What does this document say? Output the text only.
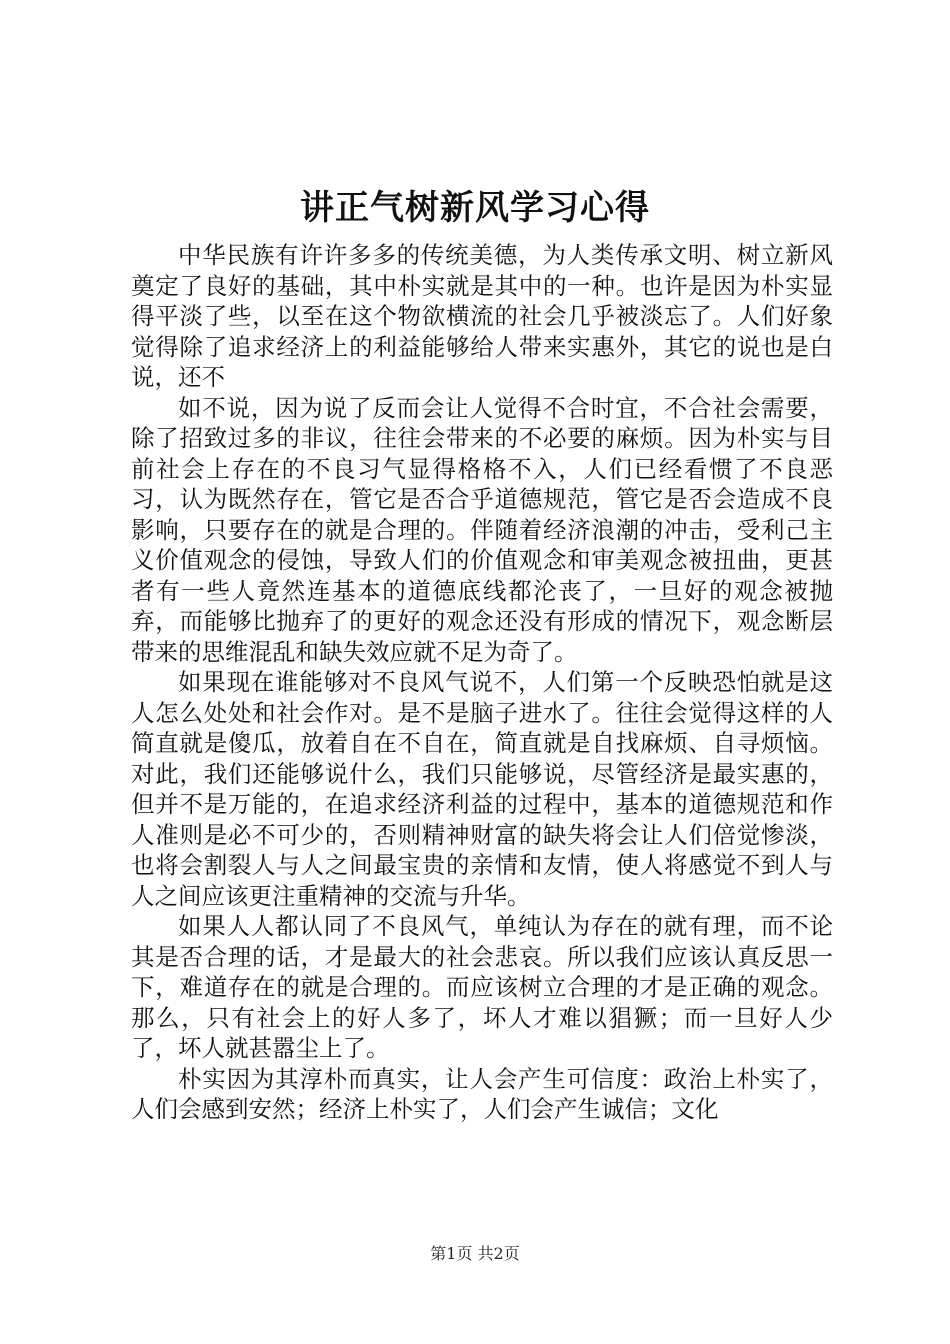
讲正气树新风学习心得

中华民族有许许多多的传统美德，为人类传承文明、树立新风奠定了良好的基础，其中朴实就是其中的一种。也许是因为朴实显得平淡了些，以至在这个物欲横流的社会几乎被淡忘了。人们好象觉得除了追求经济上的利益能够给人带来实惠外，其它的说也是白说，还不

如不说，因为说了反而会让人觉得不合时宜，不合社会需要，除了招致过多的非议，往往会带来的不必要的麻烦。因为朴实与目前社会上存在的不良习气显得格格不入，人们已经看惯了不良恶习，认为既然存在，管它是否合乎道德规范，管它是否会造成不良影响，只要存在的就是合理的。伴随着经济浪潮的冲击，受利己主义价值观念的侵蚀，导致人们的价值观念和审美观念被扭曲，更甚者有一些人竟然连基本的道德底线都沦丧了，一旦好的观念被抛弃，而能够比抛弃了的更好的观念还没有形成的情况下，观念断层带来的思维混乱和缺失效应就不足为奇了。

如果现在谁能够对不良风气说不，人们第一个反映恐怕就是这人怎么处处和社会作对。是不是脑子进水了。往往会觉得这样的人简直就是傻瓜，放着自在不自在，简直就是自找麻烦、自寻烦恼。对此，我们还能够说什么，我们只能够说，尽管经济是最实惠的，但并不是万能的，在追求经济利益的过程中，基本的道德规范和作人准则是必不可少的，否则精神财富的缺失将会让人们倍觉惨淡，也将会割裂人与人之间最宝贵的亲情和友情，使人将感觉不到人与人之间应该更注重精神的交流与升华。

如果人人都认同了不良风气，单纯认为存在的就有理，而不论其是否合理的话，才是最大的社会悲哀。所以我们应该认真反思一下，难道存在的就是合理的。而应该树立合理的才是正确的观念。那么，只有社会上的好人多了，坏人才难以猖獗；而一旦好人少了，坏人就甚嚣尘上了。

朴实因为其淳朴而真实，让人会产生可信度：政治上朴实了，人们会感到安然；经济上朴实了，人们会产生诚信；文化

第1页 共2页
